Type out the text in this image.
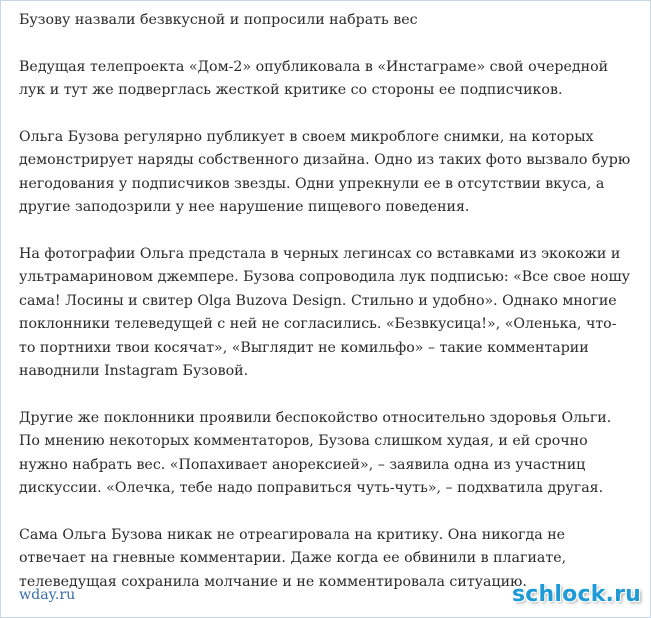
Бузову назвали безвкусной и попросили набрать вес

Ведущая телепроекта «Дом-2» опубликовала в «Инстаграме» свой очередной лук и тут же подверглась жесткой критике со стороны ее подписчиков.

Ольга Бузова регулярно публикует в своем микроблоге снимки, на которых демонстрирует наряды собственного дизайна. Одно из таких фото вызвало бурю негодования у подписчиков звезды. Одни упрекнули ее в отсутствии вкуса, а другие заподозрили у нее нарушение пищевого поведения.

На фотографии Ольга предстала в черных легинсах со вставками из экокожи и ультрамариновом джемпере. Бузова сопроводила лук подписью: «Все свое ношу сама! Лосины и свитер Olga Buzova Design. Стильно и удобно». Однако многие поклонники телеведущей с ней не согласились. «Безвкусица!», «Оленька, что-то портнихи твои косячат», «Выглядит не комильфо» – такие комментарии наводнили Instagram Бузовой.

Другие же поклонники проявили беспокойство относительно здоровья Ольги. По мнению некоторых комментаторов, Бузова слишком худая, и ей срочно нужно набрать вес. «Попахивает анорексией», – заявила одна из участниц дискуссии. «Олечка, тебе надо поправиться чуть-чуть», – подхватила другая.

Сама Ольга Бузова никак не отреагировала на критику. Она никогда не отвечает на гневные комментарии. Даже когда ее обвинили в плагиате, телеведущая сохранила молчание и не комментировала ситуацию.

wday.ru	schlock.ru
